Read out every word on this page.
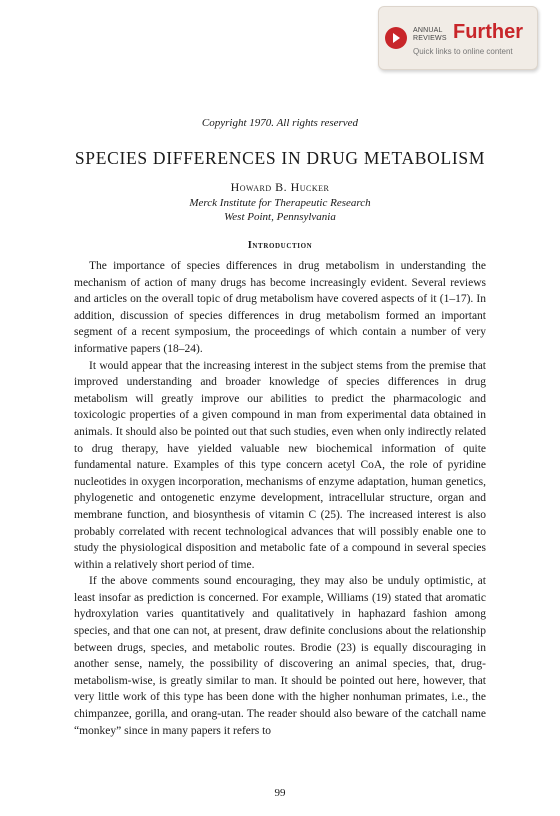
ANNUAL
REVIEWS Further
Quick links to online content
Copyright 1970. All rights reserved
SPECIES DIFFERENCES IN DRUG METABOLISM
Howard B. Hucker
Merck Institute for Therapeutic Research
West Point, Pennsylvania
Introduction

The importance of species differences in drug metabolism in understanding the mechanism of action of many drugs has become increasingly evident. Several reviews and articles on the overall topic of drug metabolism have covered aspects of it (1–17). In addition, discussion of species differences in drug metabolism formed an important segment of a recent symposium, the proceedings of which contain a number of very informative papers (18–24).

It would appear that the increasing interest in the subject stems from the premise that improved understanding and broader knowledge of species differences in drug metabolism will greatly improve our abilities to predict the pharmacologic and toxicologic properties of a given compound in man from experimental data obtained in animals. It should also be pointed out that such studies, even when only indirectly related to drug therapy, have yielded valuable new biochemical information of quite fundamental nature. Examples of this type concern acetyl CoA, the role of pyridine nucleotides in oxygen incorporation, mechanisms of enzyme adaptation, human genetics, phylogenetic and ontogenetic enzyme development, intracellular structure, organ and membrane function, and biosynthesis of vitamin C (25). The increased interest is also probably correlated with recent technological advances that will possibly enable one to study the physiological disposition and metabolic fate of a compound in several species within a relatively short period of time.

If the above comments sound encouraging, they may also be unduly optimistic, at least insofar as prediction is concerned. For example, Williams (19) stated that aromatic hydroxylation varies quantitatively and qualitatively in haphazard fashion among species, and that one can not, at present, draw definite conclusions about the relationship between drugs, species, and metabolic routes. Brodie (23) is equally discouraging in another sense, namely, the possibility of discovering an animal species, that, drug-metabolism-wise, is greatly similar to man. It should be pointed out here, however, that very little work of this type has been done with the higher nonhuman primates, i.e., the chimpanzee, gorilla, and orang-utan. The reader should also beware of the catchall name “monkey” since in many papers it refers to

99
